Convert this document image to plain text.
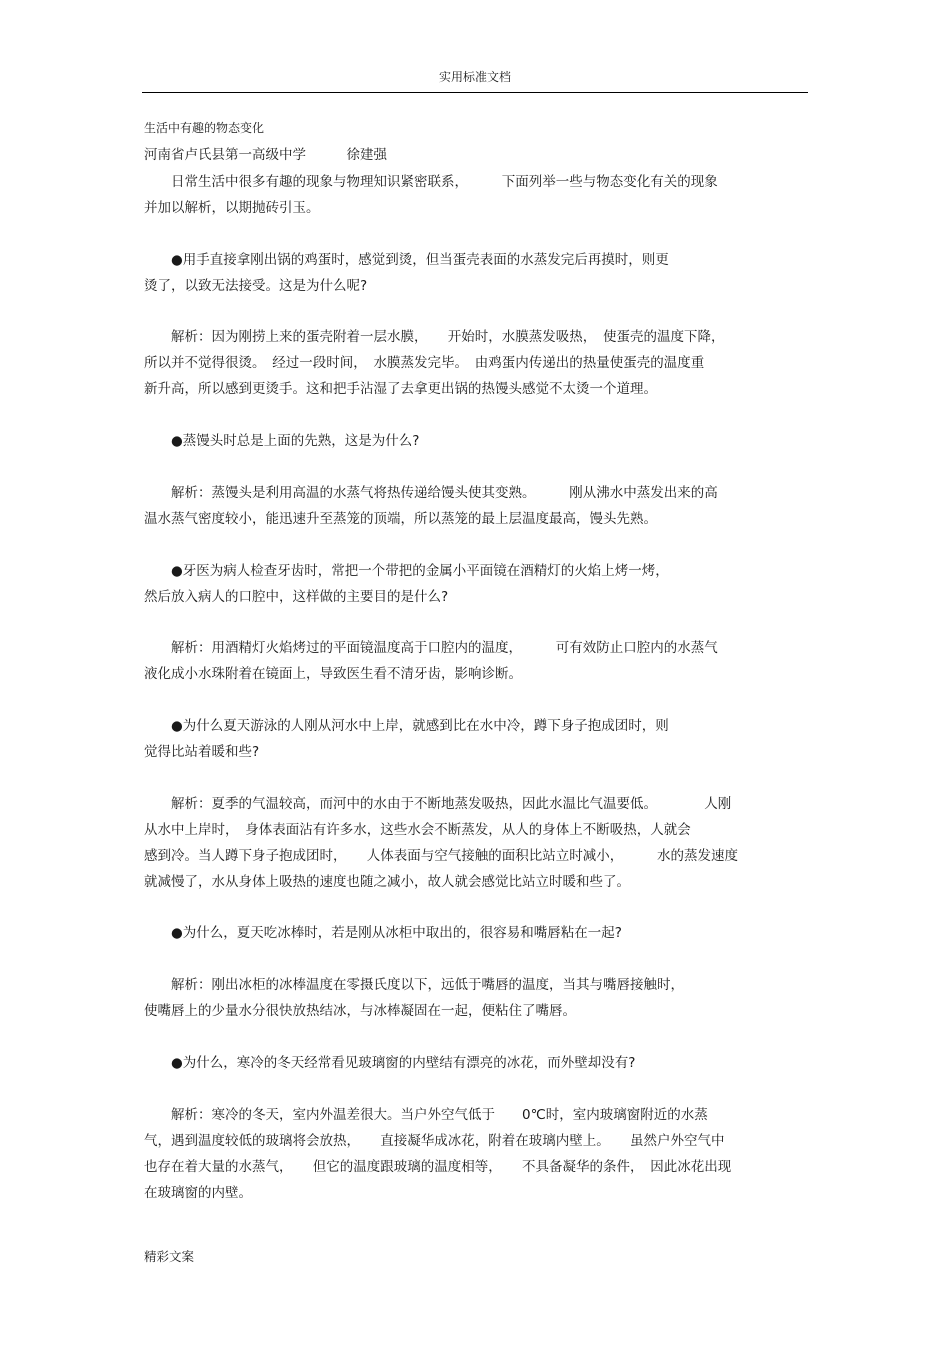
实用标准文档
生活中有趣的物态变化
河南省卢氏县第一高级中学　　　徐建强
　　日常生活中很多有趣的现象与物理知识紧密联系，　　　下面列举一些与物态变化有关的现象
并加以解析，以期抛砖引玉。
　　●用手直接拿刚出锅的鸡蛋时，感觉到烫，但当蛋壳表面的水蒸发完后再摸时，则更
烫了，以致无法接受。这是为什么呢?
　　解析：因为刚捞上来的蛋壳附着一层水膜，　　开始时，水膜蒸发吸热，　使蛋壳的温度下降，
所以并不觉得很烫。　经过一段时间，　水膜蒸发完毕。　由鸡蛋内传递出的热量使蛋壳的温度重
新升高，所以感到更烫手。这和把手沾湿了去拿更出锅的热馒头感觉不太烫一个道理。
　　●蒸馒头时总是上面的先熟，这是为什么?
　　解析：蒸馒头是利用高温的水蒸气将热传递给馒头使其变熟。　　　刚从沸水中蒸发出来的高
温水蒸气密度较小，能迅速升至蒸笼的顶端，所以蒸笼的最上层温度最高，馒头先熟。
　　●牙医为病人检查牙齿时，常把一个带把的金属小平面镜在酒精灯的火焰上烤一烤，
然后放入病人的口腔中，这样做的主要目的是什么?
　　解析：用酒精灯火焰烤过的平面镜温度高于口腔内的温度，　　　可有效防止口腔内的水蒸气
液化成小水珠附着在镜面上，导致医生看不清牙齿，影响诊断。
　　●为什么夏天游泳的人刚从河水中上岸，就感到比在水中冷，蹲下身子抱成团时，则
觉得比站着暖和些?
　　解析：夏季的气温较高，而河中的水由于不断地蒸发吸热，因此水温比气温要低。　　　　人刚
从水中上岸时，　身体表面沾有许多水，这些水会不断蒸发，从人的身体上不断吸热，人就会
感到冷。当人蹲下身子抱成团时，　　人体表面与空气接触的面积比站立时减小，　　　水的蒸发速度
就减慢了，水从身体上吸热的速度也随之减小，故人就会感觉比站立时暖和些了。
　　●为什么，夏天吃冰棒时，若是刚从冰柜中取出的，很容易和嘴唇粘在一起?
　　解析：刚出冰柜的冰棒温度在零摄氏度以下，远低于嘴唇的温度，当其与嘴唇接触时，
使嘴唇上的少量水分很快放热结冰，与冰棒凝固在一起，便粘住了嘴唇。
　　●为什么，寒冷的冬天经常看见玻璃窗的内壁结有漂亮的冰花，而外壁却没有?
　　解析：寒冷的冬天，室内外温差很大。当户外空气低于　　0℃时，室内玻璃窗附近的水蒸
气，遇到温度较低的玻璃将会放热，　　直接凝华成冰花，附着在玻璃内壁上。　　虽然户外空气中
也存在着大量的水蒸气，　　但它的温度跟玻璃的温度相等，　　不具备凝华的条件，　因此冰花出现
在玻璃窗的内壁。
精彩文案
